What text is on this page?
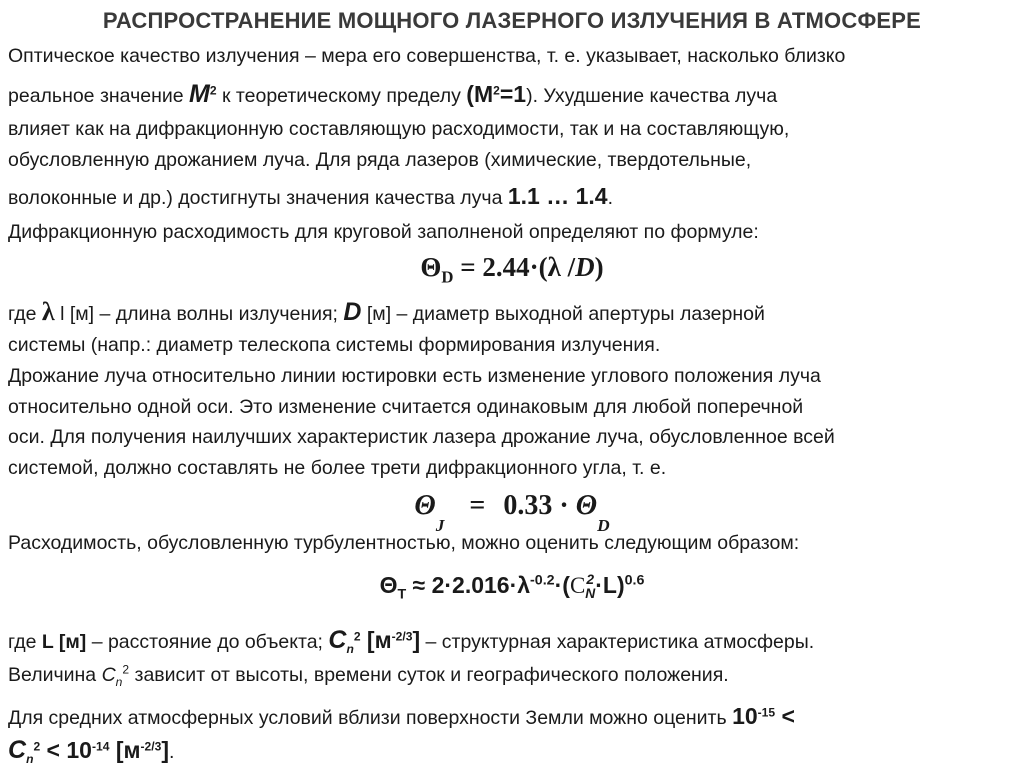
РАСПРОСТРАНЕНИЕ МОЩНОГО ЛАЗЕРНОГО ИЗЛУЧЕНИЯ В АТМОСФЕРЕ
Оптическое качество излучения – мера его совершенства, т. е. указывает, насколько близко
реальное значение $M^2$ к теоретическому пределу $(M^2=1)$. Ухудшение качества луча
влияет как на дифракционную составляющую расходимости, так и на составляющую,
обусловленную дрожанием луча. Для ряда лазеров (химические, твердотельные,
волоконные и др.) достигнуты значения качества луча 1.1 … 1.4.
Дифракционную расходимость для круговой заполненой определяют по формуле:
$\Theta_D = 2.44\cdot(\lambda$ /D)
где λ l [м] – длина волны излучения; D [м] – диаметр выходной апертуры лазерной
системы (напр.: диаметр телескопа системы формирования излучения.
Дрожание луча относительно линии юстировки есть изменение углового положения луча
относительно одной оси. Это изменение считается одинаковым для любой поперечной
оси. Для получения наилучших характеристик лазера дрожание луча, обусловленное всей
системой, должно составлять не более трети дифракционного угла, т. е.
$\Theta_J = 0.33 \cdot \Theta_D$
Расходимость, обусловленную турбулентностью, можно оценить следующим образом:
$\Theta_T \approx 2\cdot 2.016\cdot\lambda^{-0.2}\cdot(C$ 2
N ·L)$^{0.6}$
где L [м] – расстояние до объекта; $C_n^2$ $[м^{-2/3}]$ – структурная характеристика атмосферы.
Величина $C_n^2$ зависит от высоты, времени суток и географического положения.
Для средних атмосферных условий вблизи поверхности Земли можно оценить $10^{-15}$ <
$C_n^2 < 10^{-14}$ $[м^{-2/3}]$.
